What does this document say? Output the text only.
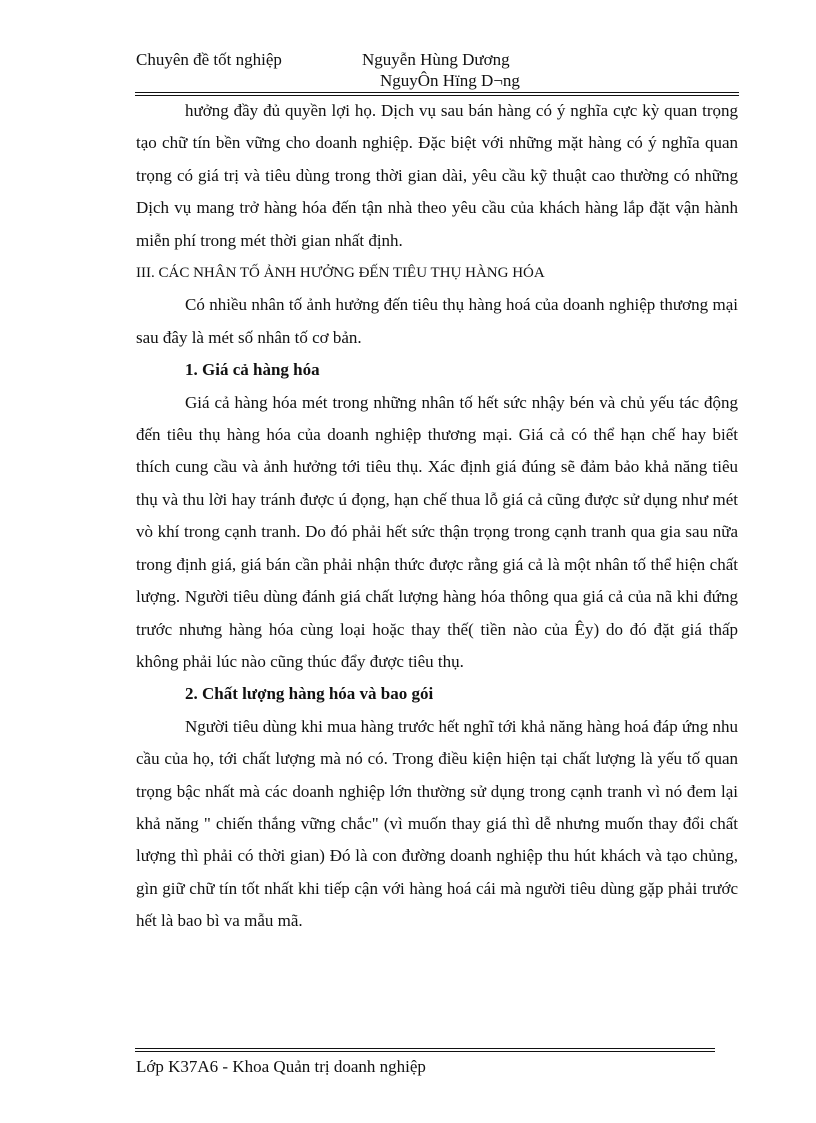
Chuyên đề tốt nghiệp	Nguyễn Hùng Dương
NguyÔn Hïng D¬ng

hưởng đầy đủ quyền lợi họ. Dịch vụ sau bán hàng có ý nghĩa cực kỳ quan trọng tạo chữ tín bền vững cho doanh nghiệp. Đặc biệt với những mặt hàng có ý nghĩa quan trọng có giá trị và tiêu dùng trong thời gian dài, yêu cầu kỹ thuật cao thường có những Dịch vụ mang trở hàng hóa đến tận nhà theo yêu cầu của khách hàng lắp đặt vận hành miễn phí trong mét thời gian nhất định.

III. CÁC NHÂN TỐ ẢNH HƯỞNG ĐẾN TIÊU THỤ HÀNG HÓA

Có nhiều nhân tố ảnh hưởng đến tiêu thụ hàng hoá của doanh nghiệp thương mại sau đây là mét số nhân tố cơ bản.

1. Giá cả hàng hóa

Giá cả hàng hóa mét trong những nhân tố hết sức nhậy bén và chủ yếu tác động đến tiêu thụ hàng hóa của doanh nghiệp thương mại. Giá cả có thể hạn chế hay biết thích cung cầu và ảnh hưởng tới tiêu thụ. Xác định giá đúng sẽ đảm bảo khả năng tiêu thụ và thu lời hay tránh được ú đọng, hạn chế thua lỗ giá cả cũng được sử dụng như mét vò khí trong cạnh tranh. Do đó phải hết sức thận trọng trong cạnh tranh qua gia sau nữa trong định giá, giá bán cần phải nhận thức được rằng giá cả là một nhân tố thể hiện chất lượng. Người tiêu dùng đánh giá chất lượng hàng hóa thông qua giá cả của nã khi đứng trước nhưng hàng hóa cùng loại hoặc thay thế( tiền nào của Êy) do đó đặt giá thấp không phải lúc nào cũng thúc đẩy được tiêu thụ.

2. Chất lượng hàng hóa và bao gói

Người tiêu dùng khi mua hàng trước hết nghĩ tới khả năng hàng hoá đáp ứng nhu cầu của họ, tới chất lượng mà nó có. Trong điều kiện hiện tại chất lượng là yếu tố quan trọng bậc nhất mà các doanh nghiệp lớn thường sử dụng trong cạnh tranh vì nó đem lại khả năng " chiến thắng vững chắc" (vì muốn thay giá thì dễ nhưng muốn thay đổi chất lượng thì phải có thời gian) Đó là con đường doanh nghiệp thu hút khách và tạo chủng, gìn giữ chữ tín tốt nhất khi tiếp cận với hàng hoá cái mà người tiêu dùng gặp phải trước hết là bao bì va mẫu mã.

Lớp K37A6 - Khoa Quản trị doanh nghiệp
